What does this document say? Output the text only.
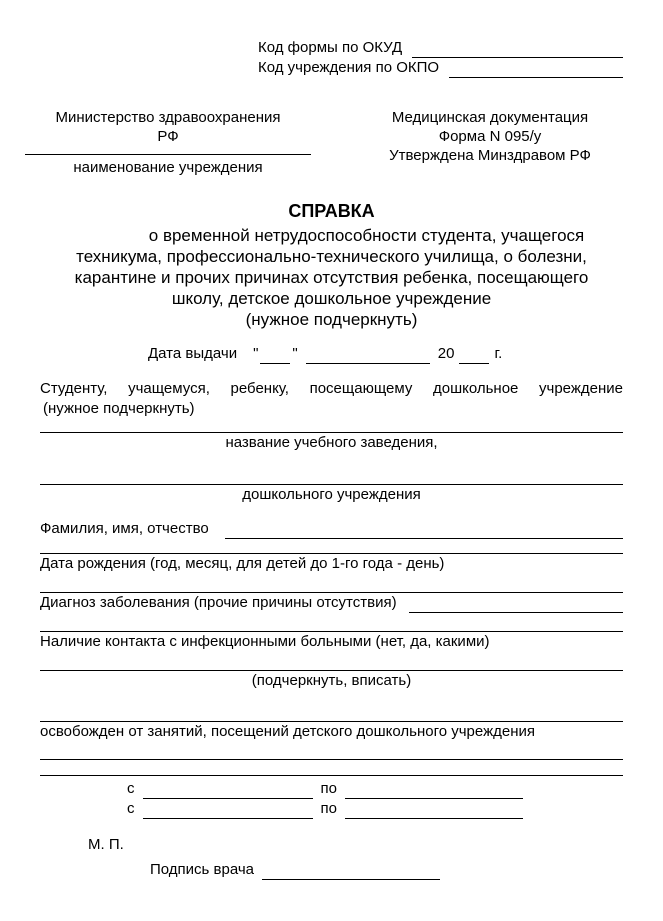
Код формы по ОКУД
Код учреждения по ОКПО
Министерство здравоохранения
РФ
наименование учреждения
Медицинская документация
Форма N 095/у
Утверждена Минздравом РФ
СПРАВКА
о временной нетрудоспособности студента, учащегося
техникума, профессионально-технического училища, о болезни,
карантине и прочих причинах отсутствия ребенка, посещающего
школу, детское дошкольное учреждение
(нужное подчеркнуть)
Дата выдачи " "	20	г.
Студенту, учащемуся, ребенку, посещающему дошкольное учреждение
(нужное подчеркнуть)
название учебного заведения,
дошкольного учреждения
Фамилия, имя, отчество
Дата рождения (год, месяц, для детей до 1-го года - день)
Диагноз заболевания (прочие причины отсутствия)
Наличие контакта с инфекционными больными (нет, да, какими)
(подчеркнуть, вписать)
освобожден от занятий, посещений детского дошкольного учреждения
с	по
с	по
М. П.
Подпись врача
